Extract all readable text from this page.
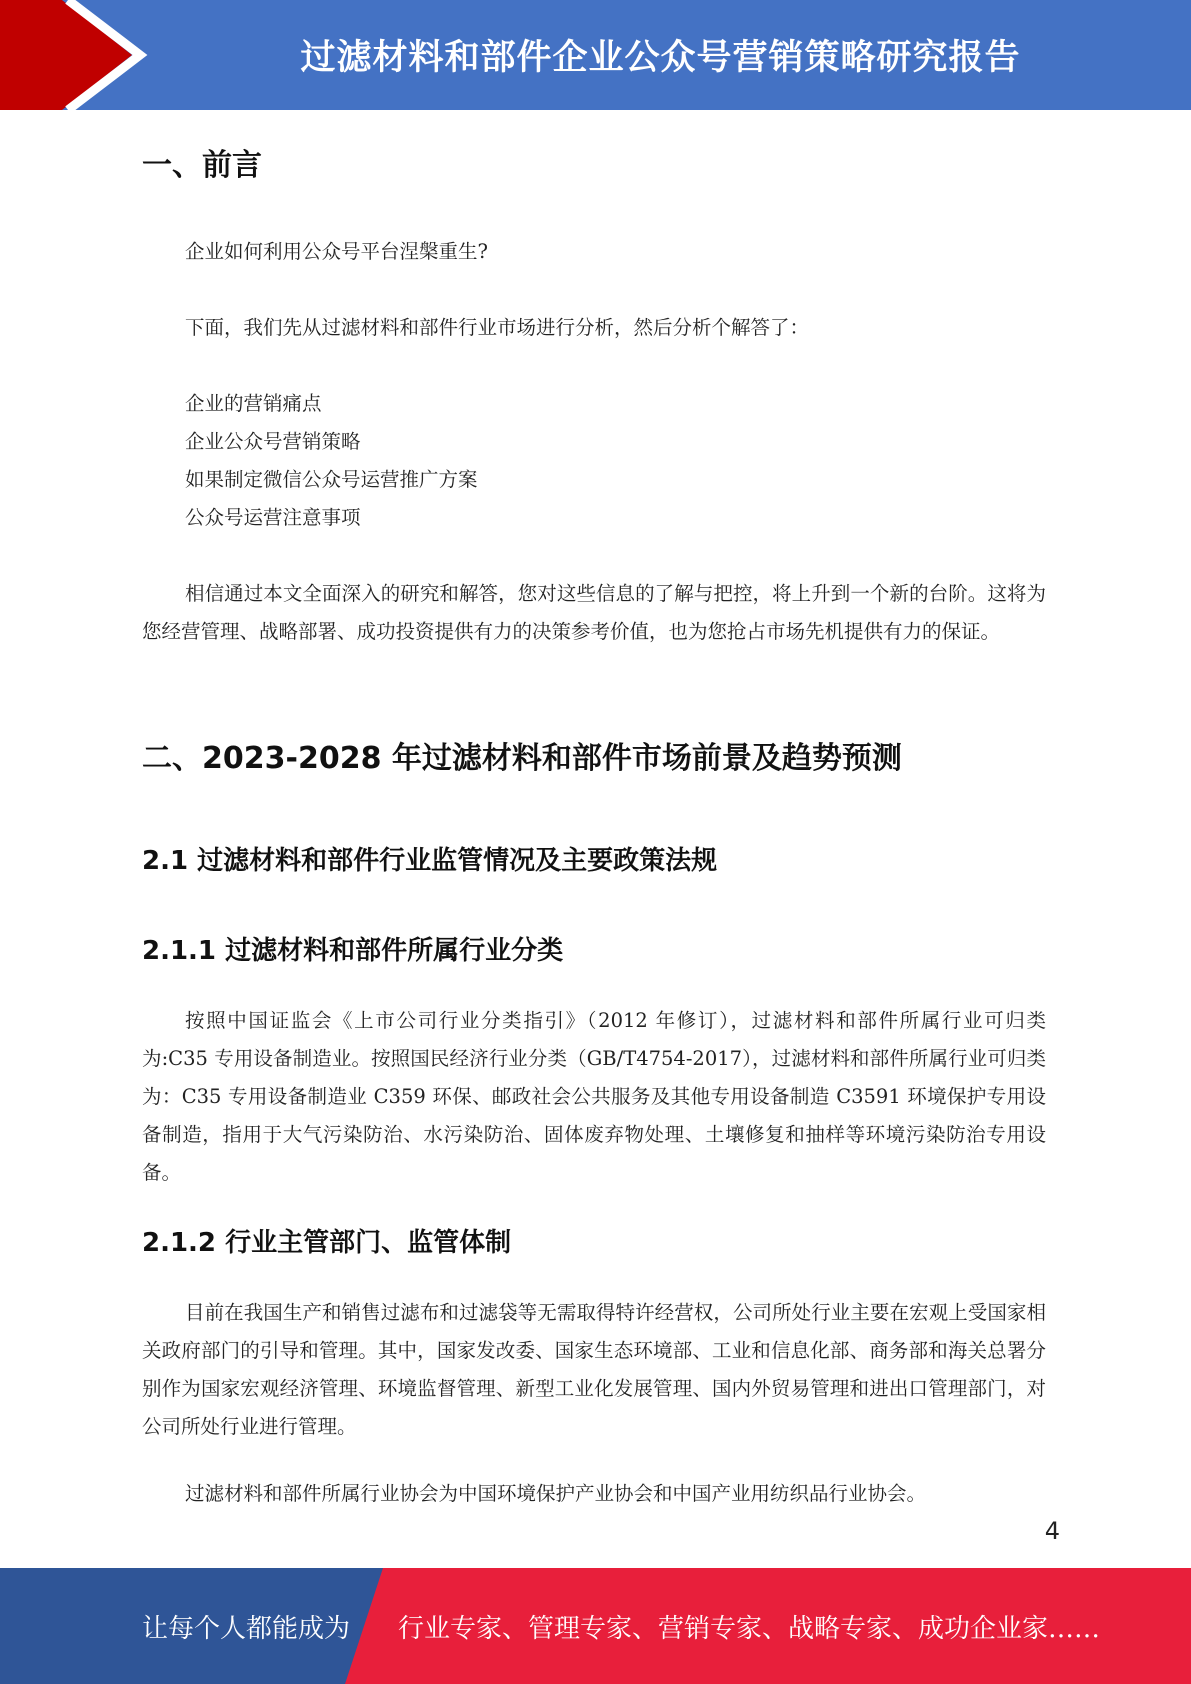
过滤材料和部件企业公众号营销策略研究报告
一、前言

企业如何利用公众号平台涅槃重生?

下面，我们先从过滤材料和部件行业市场进行分析，然后分析个解答了：

企业的营销痛点
企业公众号营销策略
如果制定微信公众号运营推广方案
公众号运营注意事项

相信通过本文全面深入的研究和解答，您对这些信息的了解与把控，将上升到一个新的台阶。这将为您经营管理、战略部署、成功投资提供有力的决策参考价值，也为您抢占市场先机提供有力的保证。

二、2023-2028 年过滤材料和部件市场前景及趋势预测
2.1 过滤材料和部件行业监管情况及主要政策法规
2.1.1 过滤材料和部件所属行业分类

按照中国证监会《上市公司行业分类指引》（2012 年修订），过滤材料和部件所属行业可归类为:C35 专用设备制造业。按照国民经济行业分类（GB/T4754-2017），过滤材料和部件所属行业可归类为：C35 专用设备制造业 C359 环保、邮政社会公共服务及其他专用设备制造 C3591 环境保护专用设备制造，指用于大气污染防治、水污染防治、固体废弃物处理、土壤修复和抽样等环境污染防治专用设备。

2.1.2 行业主管部门、监管体制

目前在我国生产和销售过滤布和过滤袋等无需取得特许经营权，公司所处行业主要在宏观上受国家相关政府部门的引导和管理。其中，国家发改委、国家生态环境部、工业和信息化部、商务部和海关总署分别作为国家宏观经济管理、环境监督管理、新型工业化发展管理、国内外贸易管理和进出口管理部门，对公司所处行业进行管理。

过滤材料和部件所属行业协会为中国环境保护产业协会和中国产业用纺织品行业协会。

4
让每个人都能成为 行业专家、管理专家、营销专家、战略专家、成功企业家……
